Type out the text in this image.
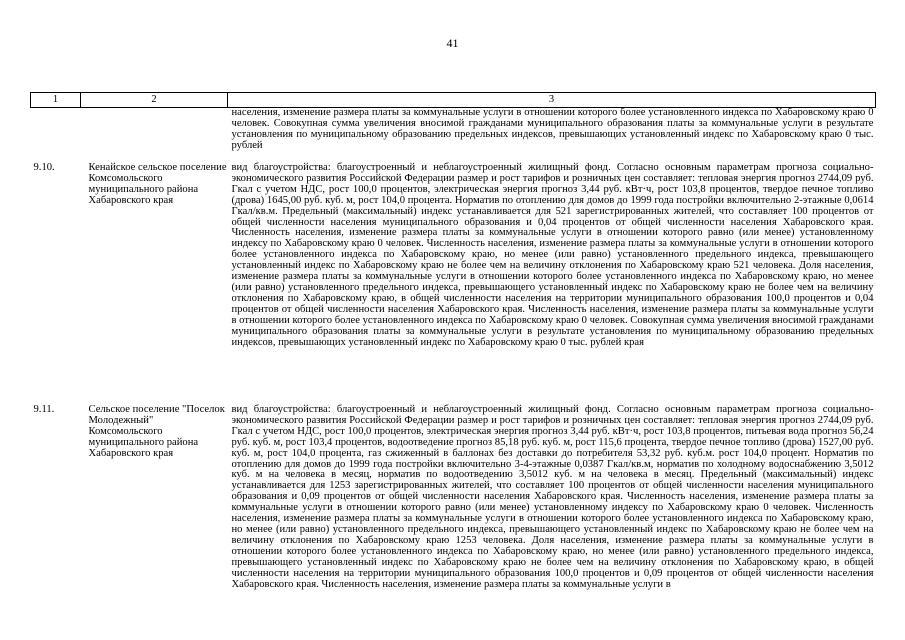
41
1	2	3
		населения, изменение размера платы за коммунальные услуги в отношении которого более установленного индекса по Хабаровскому краю 0 человек. Совокупная сумма увеличения вносимой гражданами муниципального образования платы за коммунальные услуги в результате установления по муниципальному образованию предельных индексов, превышающих установленный индекс по Хабаровскому краю 0 тыс. рублей
9.10.	Кенайское сельское поселение Комсомольского муниципального района Хабаровского края	вид благоустройства: благоустроенный и неблагоустроенный жилищный фонд. Согласно основным параметрам прогноза социально-экономического развития Российской Федерации размер и рост тарифов и розничных цен составляет: тепловая энергия прогноз 2744,09 руб. Гкал с учетом НДС, рост 100,0 процентов, электрическая энергия прогноз 3,44 руб. кВт·ч, рост 103,8 процентов, твердое печное топливо (дрова) 1645,00 руб. куб. м, рост 104,0 процента. Норматив по отоплению для домов до 1999 года постройки включительно 2-этажные 0,0614 Гкал/кв.м. Предельный (максимальный) индекс устанавливается для 521 зарегистрированных жителей, что составляет 100 процентов от общей численности населения муниципального образования и 0,04 процентов от общей численности населения Хабаровского края. Численность населения, изменение размера платы за коммунальные услуги в отношении которого равно (или менее) установленному индексу по Хабаровскому краю 0 человек. Численность населения, изменение размера платы за коммунальные услуги в отношении которого более установленного индекса по Хабаровскому краю, но менее (или равно) установленного предельного индекса, превышающего установленный индекс по Хабаровскому краю не более чем на величину отклонения по Хабаровскому краю 521 человека. Доля населения, изменение размера платы за коммунальные услуги в отношении которого более установленного индекса по Хабаровскому краю, но менее (или равно) установленного предельного индекса, превышающего установленный индекс по Хабаровскому краю не более чем на величину отклонения по Хабаровскому краю, в общей численности населения на территории муниципального образования 100,0 процентов и 0,04 процентов от общей численности населения Хабаровского края. Численность населения, изменение размера платы за коммунальные услуги в отношении которого более установленного индекса по Хабаровскому краю 0 человек. Совокупная сумма увеличения вносимой гражданами муниципального образования платы за коммунальные услуги в результате установления по муниципальному образованию предельных индексов, превышающих установленный индекс по Хабаровскому краю 0 тыс. рублей края
9.11.	Сельское поселение "Поселок Молодежный" Комсомольского муниципального района Хабаровского края	вид благоустройства: благоустроенный и неблагоустроенный жилищный фонд. Согласно основным параметрам прогноза социально-экономического развития Российской Федерации размер и рост тарифов и розничных цен составляет: тепловая энергия прогноз 2744,09 руб. Гкал с учетом НДС, рост 100,0 процентов, электрическая энергия прогноз 3,44 руб. кВт·ч, рост 103,8 процентов, питьевая вода прогноз 56,24 руб. куб. м, рост 103,4 процентов, водоотведение прогноз 85,18 руб. куб. м, рост 115,6 процента, твердое печное топливо (дрова) 1527,00 руб. куб. м, рост 104,0 процента, газ сжиженный в баллонах без доставки до потребителя 53,32 руб. куб.м. рост 104,0 процент. Норматив по отоплению для домов до 1999 года постройки включительно 3-4-этажные 0,0387 Гкал/кв.м, норматив по холодному водоснабжению 3,5012 куб. м на человека в месяц, норматив по водоотведению 3,5012 куб. м на человека в месяц. Предельный (максимальный) индекс устанавливается для 1253 зарегистрированных жителей, что составляет 100 процентов от общей численности населения муниципального образования и 0,09 процентов от общей численности населения Хабаровского края. Численность населения, изменение размера платы за коммунальные услуги в отношении которого равно (или менее) установленному индексу по Хабаровскому краю 0 человек. Численность населения, изменение размера платы за коммунальные услуги в отношении которого более установленного индекса по Хабаровскому краю, но менее (или равно) установленного предельного индекса, превышающего установленный индекс по Хабаровскому краю не более чем на величину отклонения по Хабаровскому краю 1253 человека. Доля населения, изменение размера платы за коммунальные услуги в отношении которого более установленного индекса по Хабаровскому краю, но менее (или равно) установленного предельного индекса, превышающего установленный индекс по Хабаровскому краю не более чем на величину отклонения по Хабаровскому краю, в общей численности населения на территории муниципального образования 100,0 процентов и 0,09 процентов от общей численности населения Хабаровского края. Численность населения, изменение размера платы за коммунальные услуги в
